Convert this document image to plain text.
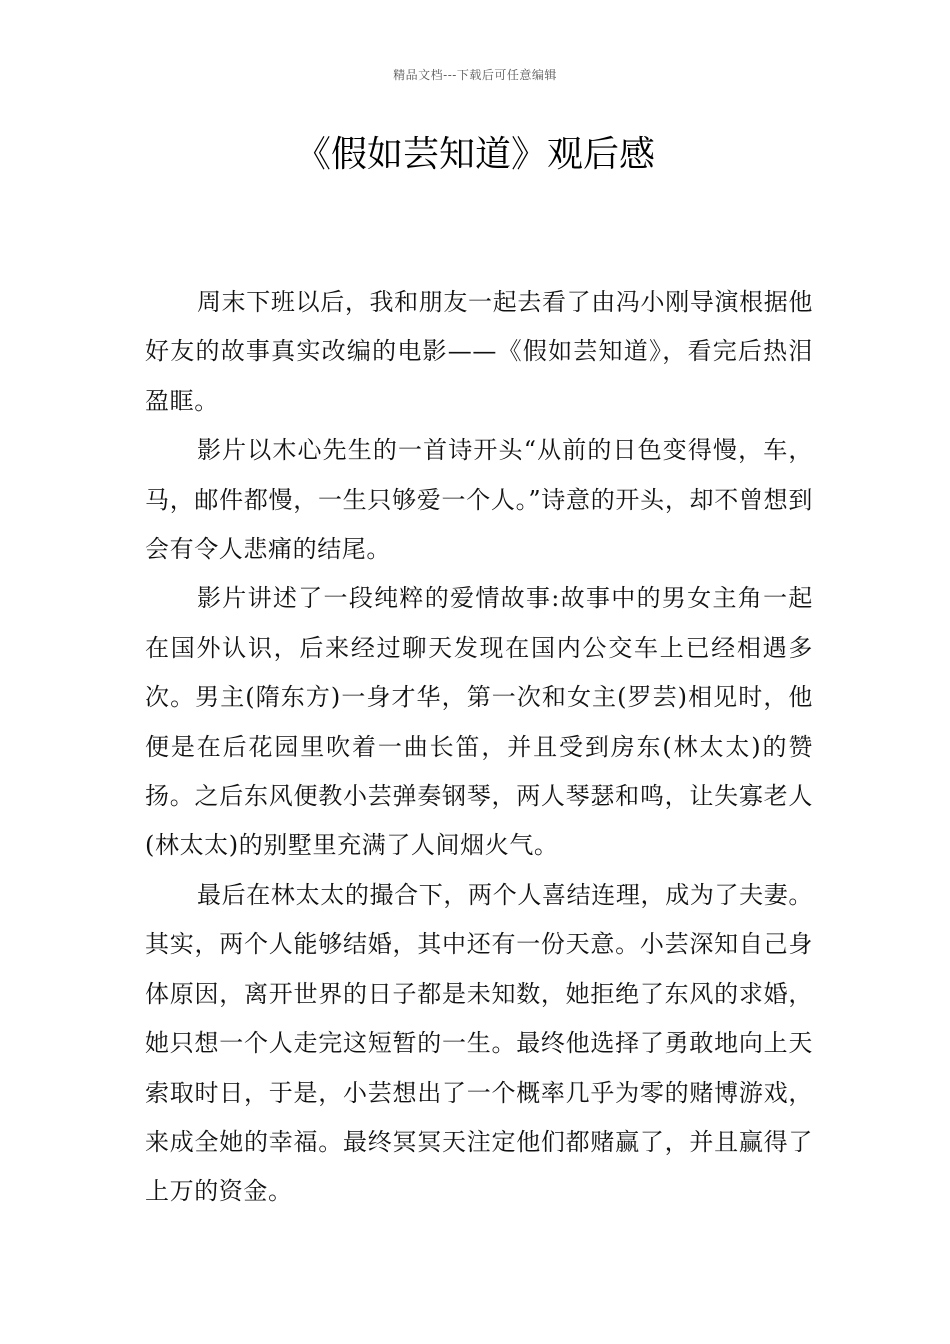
精品文档---下载后可任意编辑
《假如芸知道》观后感

周末下班以后，我和朋友一起去看了由冯小刚导演根据他好友的故事真实改编的电影——《假如芸知道》，看完后热泪盈眶。

影片以木心先生的一首诗开头“从前的日色变得慢，车，马，邮件都慢，一生只够爱一个人。”诗意的开头，却不曾想到会有令人悲痛的结尾。

影片讲述了一段纯粹的爱情故事:故事中的男女主角一起在国外认识，后来经过聊天发现在国内公交车上已经相遇多次。男主(隋东方)一身才华，第一次和女主(罗芸)相见时，他便是在后花园里吹着一曲长笛，并且受到房东(林太太)的赞扬。之后东风便教小芸弹奏钢琴，两人琴瑟和鸣，让失寡老人(林太太)的别墅里充满了人间烟火气。

最后在林太太的撮合下，两个人喜结连理，成为了夫妻。其实，两个人能够结婚，其中还有一份天意。小芸深知自己身体原因，离开世界的日子都是未知数，她拒绝了东风的求婚，她只想一个人走完这短暂的一生。最终他选择了勇敢地向上天索取时日，于是，小芸想出了一个概率几乎为零的赌博游戏，来成全她的幸福。最终冥冥天注定他们都赌赢了，并且赢得了上万的资金。
